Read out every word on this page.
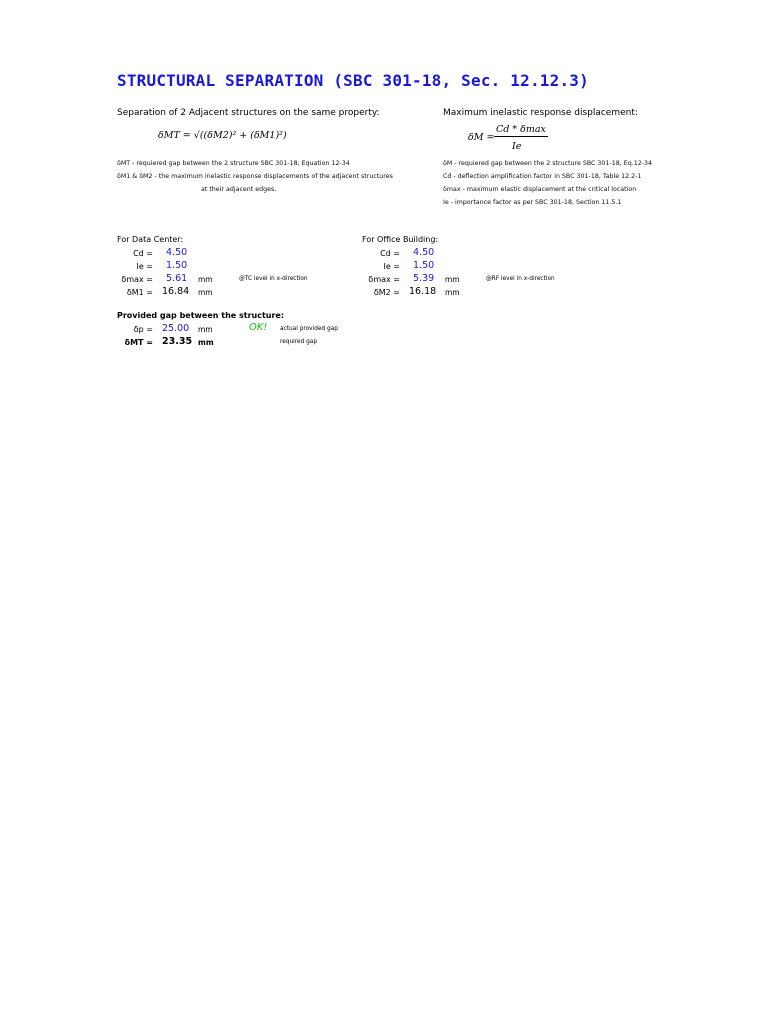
STRUCTURAL SEPARATION (SBC 301-18, Sec. 12.12.3)
Separation of 2 Adjacent structures on the same property:
δMT = √((δM2)² + (δM1)²)
δMT - requiered gap between the 2 structure SBC 301-18, Equation 12-34
δM1 & δM2 - the maximum inelastic response displacements of the adjacent structures
at their adjacent edges.
Maximum inelastic response displacement:
δM =
Cd * δmax
Ie
δM - requiered gap between the 2 structure SBC 301-18, Eq.12-34
Cd - deflection amplification factor in SBC 301-18, Table 12.2-1
δmax - maximum elastic displacement at the critical location
Ie - importance factor as per SBC 301-18, Section 11.5.1
For Data Center:
Cd = 4.50
Ie = 1.50
δmax = 5.61 mm	@TC level in x-direction
δM1 = 16.84 mm
For Office Building:
Cd = 4.50
Ie = 1.50
δmax = 5.39 mm	@RF level in x-direction
δM2 = 16.18 mm
Provided gap between the structure:
δp = 25.00 mm	OK! actual provided gap
δMT = 23.35 mm	required gap
